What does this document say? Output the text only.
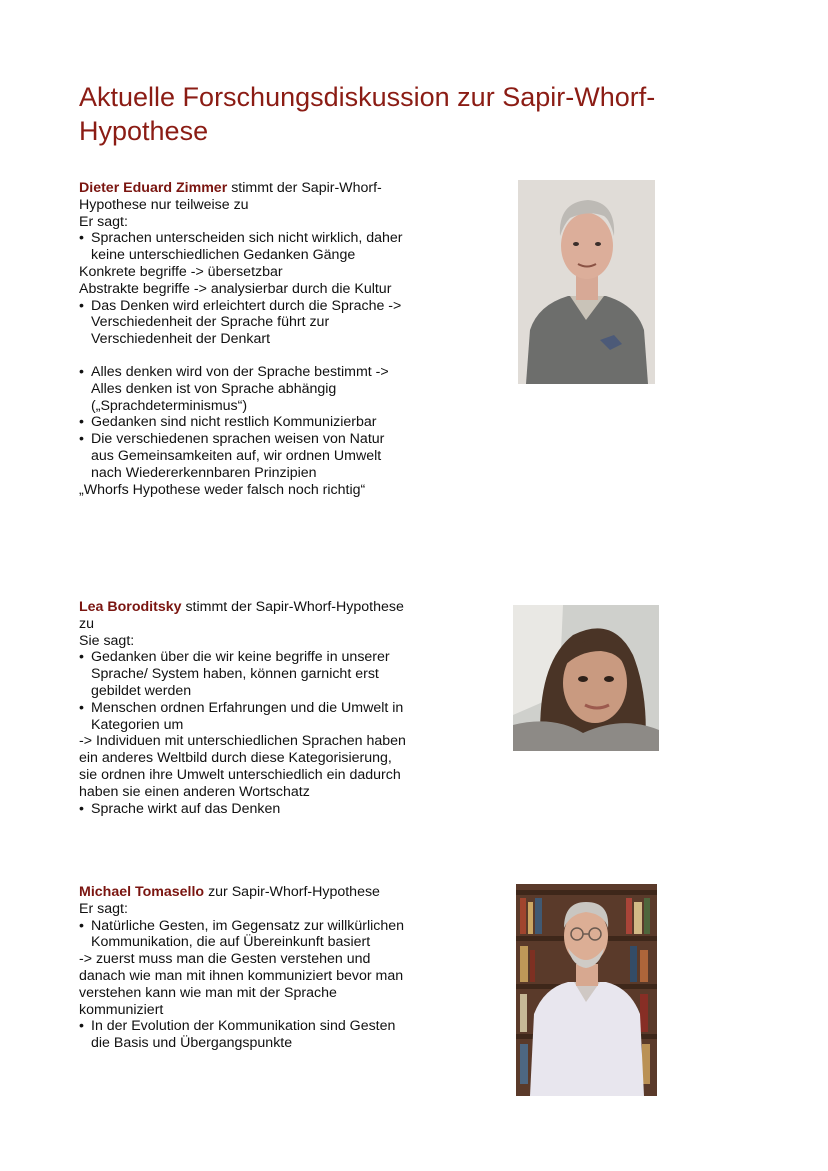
Aktuelle Forschungsdiskussion zur Sapir-Whorf-Hypothese

Dieter Eduard Zimmer stimmt der Sapir-Whorf-Hypothese nur teilweise zu

Er sagt:

• Sprachen unterscheiden sich nicht wirklich, daher keine unterschiedlichen Gedanken Gänge

Konkrete begriffe -> übersetzbar

Abstrakte begriffe -> analysierbar durch die Kultur

• Das Denken wird erleichtert durch die Sprache -> Verschiedenheit der Sprache führt zur Verschiedenheit der Denkart
• Alles denken wird von der Sprache bestimmt -> Alles denken ist von Sprache abhängig („Sprachdeterminismus“)
• Gedanken sind nicht restlich Kommunizierbar
• Die verschiedenen sprachen weisen von Natur aus Gemeinsamkeiten auf, wir ordnen Umwelt nach Wiedererkennbaren Prinzipien

„Whorfs Hypothese weder falsch noch richtig“

Lea Boroditsky stimmt der Sapir-Whorf-Hypothese zu

Sie sagt:

• Gedanken über die wir keine begriffe in unserer Sprache/ System haben, können garnicht erst gebildet werden
• Menschen ordnen Erfahrungen und die Umwelt in Kategorien um

-> Individuen mit unterschiedlichen Sprachen haben ein anderes Weltbild durch diese Kategorisierung, sie ordnen ihre Umwelt unterschiedlich ein dadurch haben sie einen anderen Wortschatz

• Sprache wirkt auf das Denken

Michael Tomasello zur Sapir-Whorf-Hypothese

Er sagt:

• Natürliche Gesten, im Gegensatz zur willkürlichen Kommunikation, die auf Übereinkunft basiert

-> zuerst muss man die Gesten verstehen und danach wie man mit ihnen kommuniziert bevor man verstehen kann wie man mit der Sprache kommuniziert

• In der Evolution der Kommunikation sind Gesten die Basis und Übergangspunkte
